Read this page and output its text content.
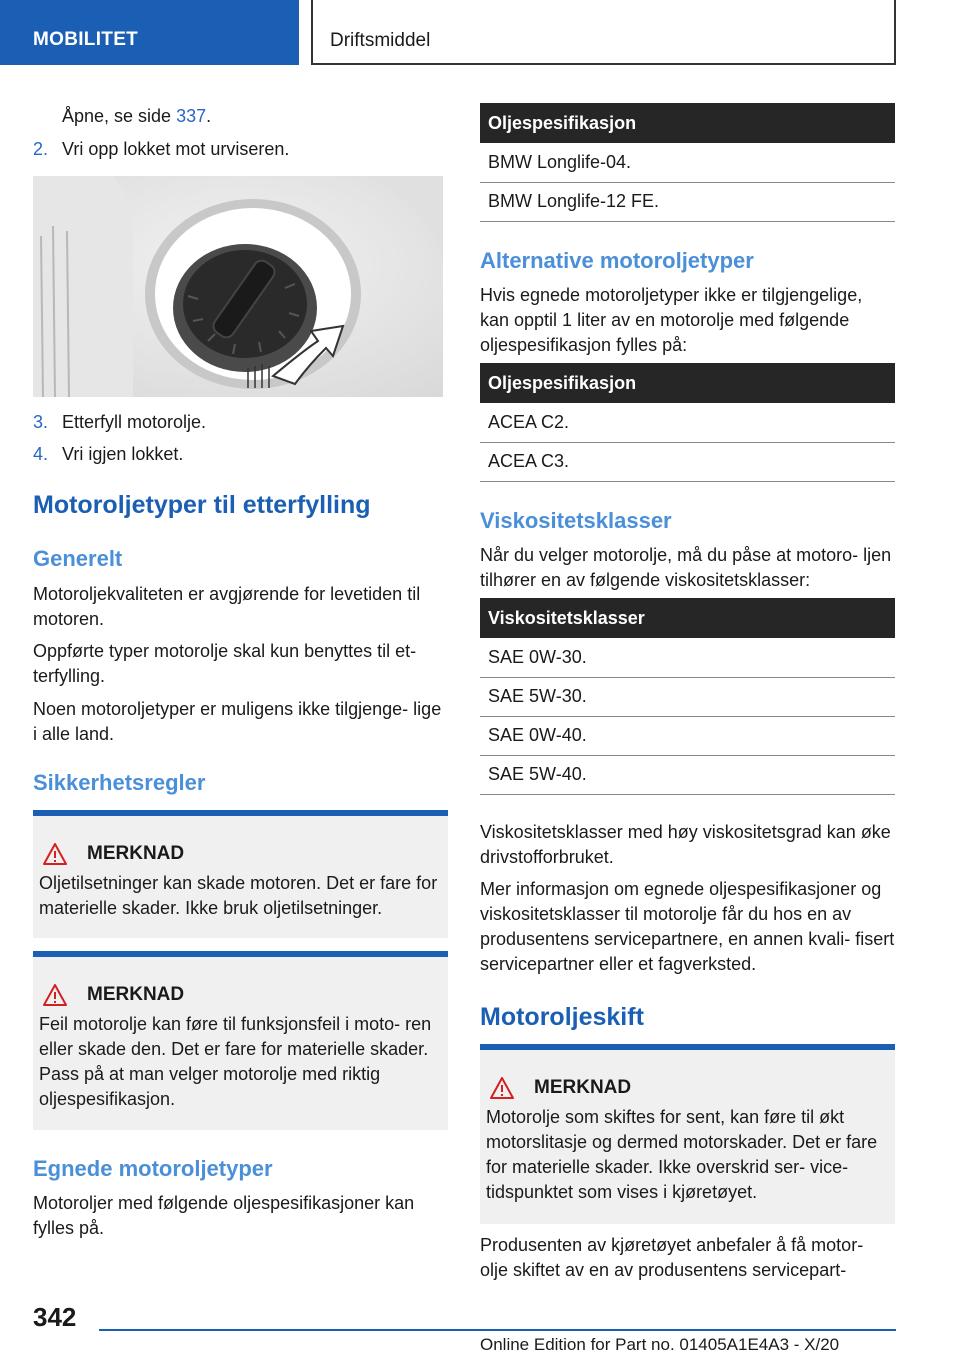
MOBILITET	Driftsmiddel
Åpne, se side 337.
2. Vri opp lokket mot urviseren.
3. Etterfyll motorolje.
4. Vri igjen lokket.
Motoroljetyper til etterfylling
Generelt

Motoroljekvaliteten er avgjørende for levetiden til motoren.

Oppførte typer motorolje skal kun benyttes til et- terfylling.

Noen motoroljetyper er muligens ikke tilgjenge- lige i alle land.

Sikkerhetsregler
MERKNAD
Oljetilsetninger kan skade motoren. Det er fare for materielle skader. Ikke bruk oljetilsetninger.
MERKNAD
Feil motorolje kan føre til funksjonsfeil i moto- ren eller skade den. Det er fare for materielle skader. Pass på at man velger motorolje med riktig oljespesifikasjon.
Egnede motoroljetyper

Motoroljer med følgende oljespesifikasjoner kan fylles på.

Oljespesifikasjon
BMW Longlife-04.
BMW Longlife-12 FE.
Alternative motoroljetyper

Hvis egnede motoroljetyper ikke er tilgjengelige, kan opptil 1 liter av en motorolje med følgende oljespesifikasjon fylles på:

Oljespesifikasjon
ACEA C2.
ACEA C3.
Viskositetsklasser

Når du velger motorolje, må du påse at motoro- ljen tilhører en av følgende viskositetsklasser:

Viskositetsklasser
SAE 0W-30.
SAE 5W-30.
SAE 0W-40.
SAE 5W-40.

Viskositetsklasser med høy viskositetsgrad kan øke drivstofforbruket.

Mer informasjon om egnede oljespesifikasjoner og viskositetsklasser til motorolje får du hos en av produsentens servicepartnere, en annen kvali- fisert servicepartner eller et fagverksted.

Motoroljeskift
MERKNAD
Motorolje som skiftes for sent, kan føre til økt motorslitasje og dermed motorskader. Det er fare for materielle skader. Ikke overskrid ser- vice-tidspunktet som vises i kjøretøyet.

Produsenten av kjøretøyet anbefaler å få motor- olje skiftet av en av produsentens servicepart-

342
Online Edition for Part no. 01405A1E4A3 - X/20
